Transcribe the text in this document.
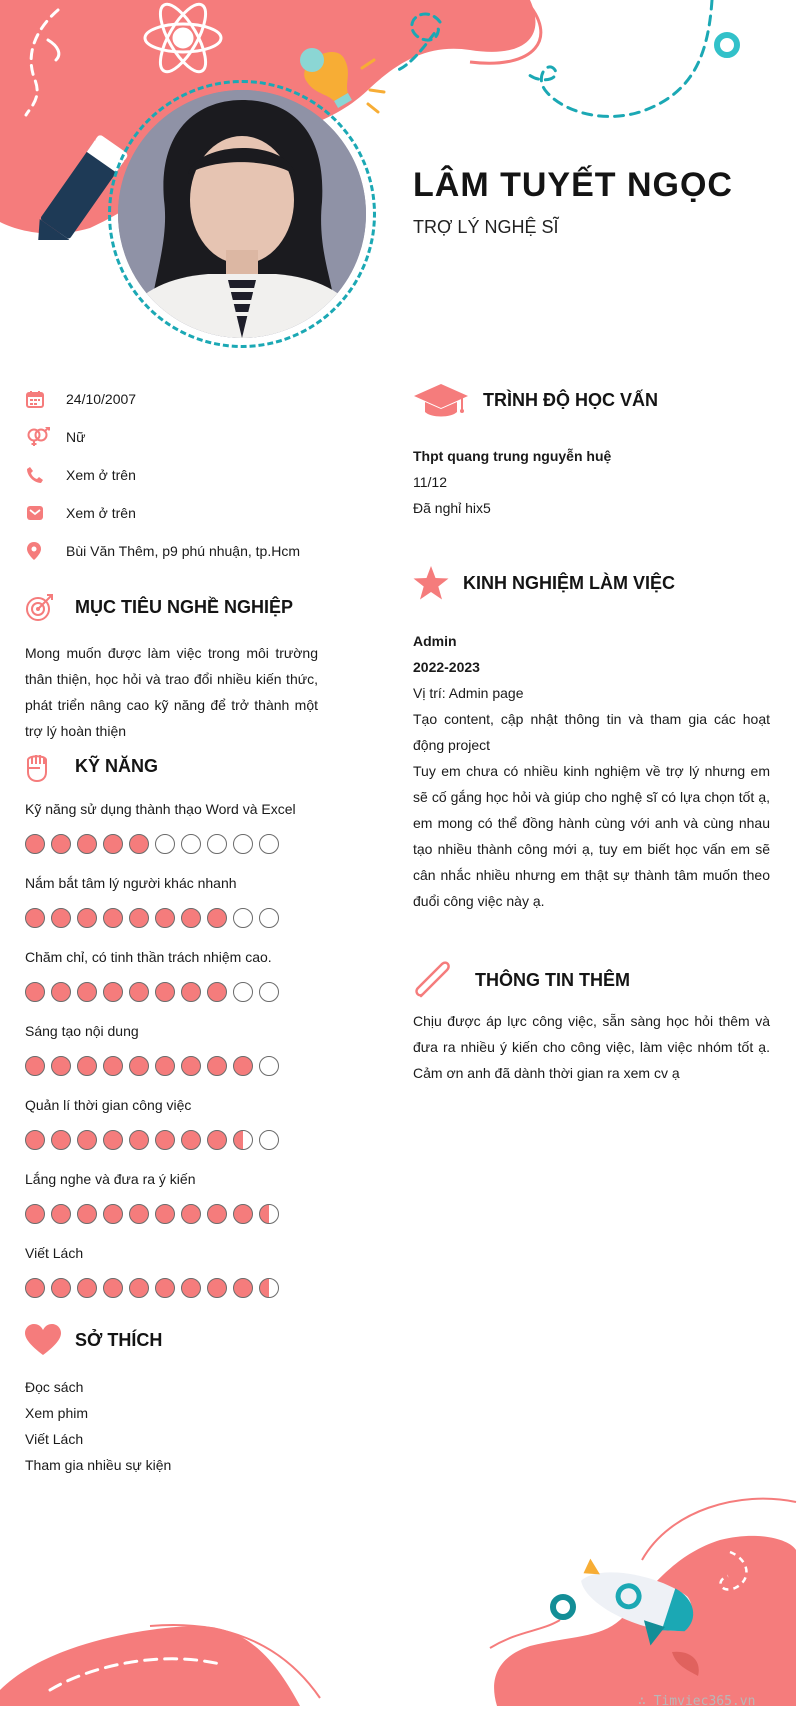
LÂM TUYẾT NGỌC
TRỢ LÝ NGHỆ SĨ
24/10/2007
Nữ
Xem ở trên
Xem ở trên
Bùi Văn Thêm, p9 phú nhuận, tp.Hcm
MỤC TIÊU NGHỀ NGHIỆP
Mong muốn được làm việc trong môi trường thân thiện, học hỏi và trao đổi nhiều kiến thức, phát triển nâng cao kỹ năng để trở thành một trợ lý hoàn thiện
KỸ NĂNG
Kỹ năng sử dụng thành thạo Word và Excel
Nắm bắt tâm lý người khác nhanh
Chăm chỉ, có tinh thần trách nhiệm cao.
Sáng tạo nội dung
Quản lí thời gian công việc
Lắng nghe và đưa ra ý kiến
Viết Lách
SỞ THÍCH
Đọc sách
Xem phim
Viết Lách
Tham gia nhiều sự kiện
TRÌNH ĐỘ HỌC VẤN
Thpt quang trung nguyễn huệ
11/12
Đã nghỉ hix5
KINH NGHIỆM LÀM VIỆC
Admin
2022-2023
Vị trí: Admin page
Tạo content, cập nhật thông tin và tham gia các hoạt động project
Tuy em chưa có nhiều kinh nghiệm về trợ lý nhưng em sẽ cố gắng học hỏi và giúp cho nghệ sĩ có lựa chọn tốt ạ, em mong có thể đồng hành cùng với anh và cùng nhau tạo nhiều thành công mới ạ, tuy em biết học vấn em sẽ cân nhắc nhiều nhưng em thật sự thành tâm muốn theo đuổi công việc này ạ.
THÔNG TIN THÊM
Chịu được áp lực công việc, sẵn sàng học hỏi thêm và đưa ra nhiều ý kiến cho công việc, làm việc nhóm tốt ạ. Cảm ơn anh đã dành thời gian ra xem cv ạ
∴ Timviec365.vn
